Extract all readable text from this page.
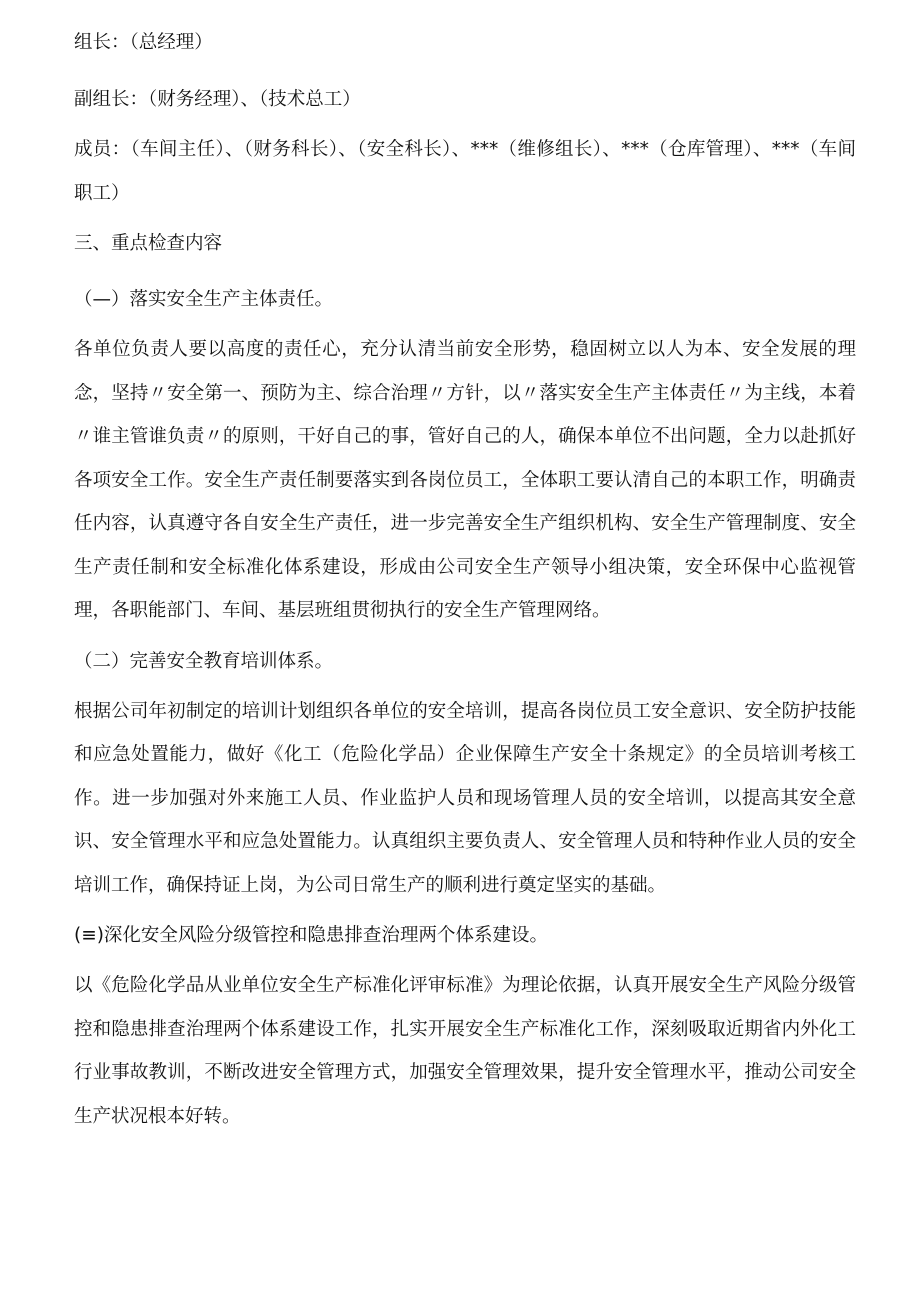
组长：（总经理）

副组长：（财务经理）、（技术总工）

成员：（车间主任）、（财务科长）、（安全科长）、***（维修组长）、***（仓库管理）、***（车间职工）

三、重点检查内容

（—）落实安全生产主体责任。

各单位负责人要以高度的责任心，充分认清当前安全形势，稳固树立以人为本、安全发展的理念，坚持〃安全第一、预防为主、综合治理〃方针，以〃落实安全生产主体责任〃为主线，本着〃谁主管谁负责〃的原则，干好自己的事，管好自己的人，确保本单位不出问题，全力以赴抓好各项安全工作。安全生产责任制要落实到各岗位员工，全体职工要认清自己的本职工作，明确责任内容，认真遵守各自安全生产责任，进一步完善安全生产组织机构、安全生产管理制度、安全生产责任制和安全标准化体系建设，形成由公司安全生产领导小组决策，安全环保中心监视管理，各职能部门、车间、基层班组贯彻执行的安全生产管理网络。

（二）完善安全教育培训体系。

根据公司年初制定的培训计划组织各单位的安全培训，提高各岗位员工安全意识、安全防护技能和应急处置能力，做好《化工（危险化学品）企业保障生产安全十条规定》的全员培训考核工作。进一步加强对外来施工人员、作业监护人员和现场管理人员的安全培训，以提高其安全意识、安全管理水平和应急处置能力。认真组织主要负责人、安全管理人员和特种作业人员的安全培训工作，确保持证上岗，为公司日常生产的顺利进行奠定坚实的基础。

(≡)深化安全风险分级管控和隐患排查治理两个体系建设。

以《危险化学品从业单位安全生产标准化评审标准》为理论依据，认真开展安全生产风险分级管控和隐患排查治理两个体系建设工作，扎实开展安全生产标准化工作，深刻吸取近期省内外化工行业事故教训，不断改进安全管理方式，加强安全管理效果，提升安全管理水平，推动公司安全生产状况根本好转。
